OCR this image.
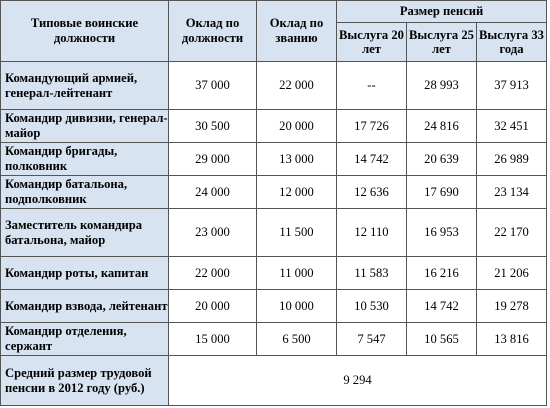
Типовые воинские должности	Оклад по должности	Оклад по званию	Размер пенсий		
			Выслуга 20 лет	Выслуга 25 лет	Выслуга 33 года
Командующий армией, генерал-лейтенант	37 000	22 000	--	28 993	37 913
Командир дивизии, генерал-майор	30 500	20 000	17 726	24 816	32 451
Командир бригады, полковник	29 000	13 000	14 742	20 639	26 989
Командир батальона, подполковник	24 000	12 000	12 636	17 690	23 134
Заместитель командира батальона, майор	23 000	11 500	12 110	16 953	22 170
Командир роты, капитан	22 000	11 000	11 583	16 216	21 206
Командир взвода, лейтенант	20 000	10 000	10 530	14 742	19 278
Командир отделения, сержант	15 000	6 500	7 547	10 565	13 816
Средний размер трудовой пенсии в 2012 году (руб.)	9 294				
